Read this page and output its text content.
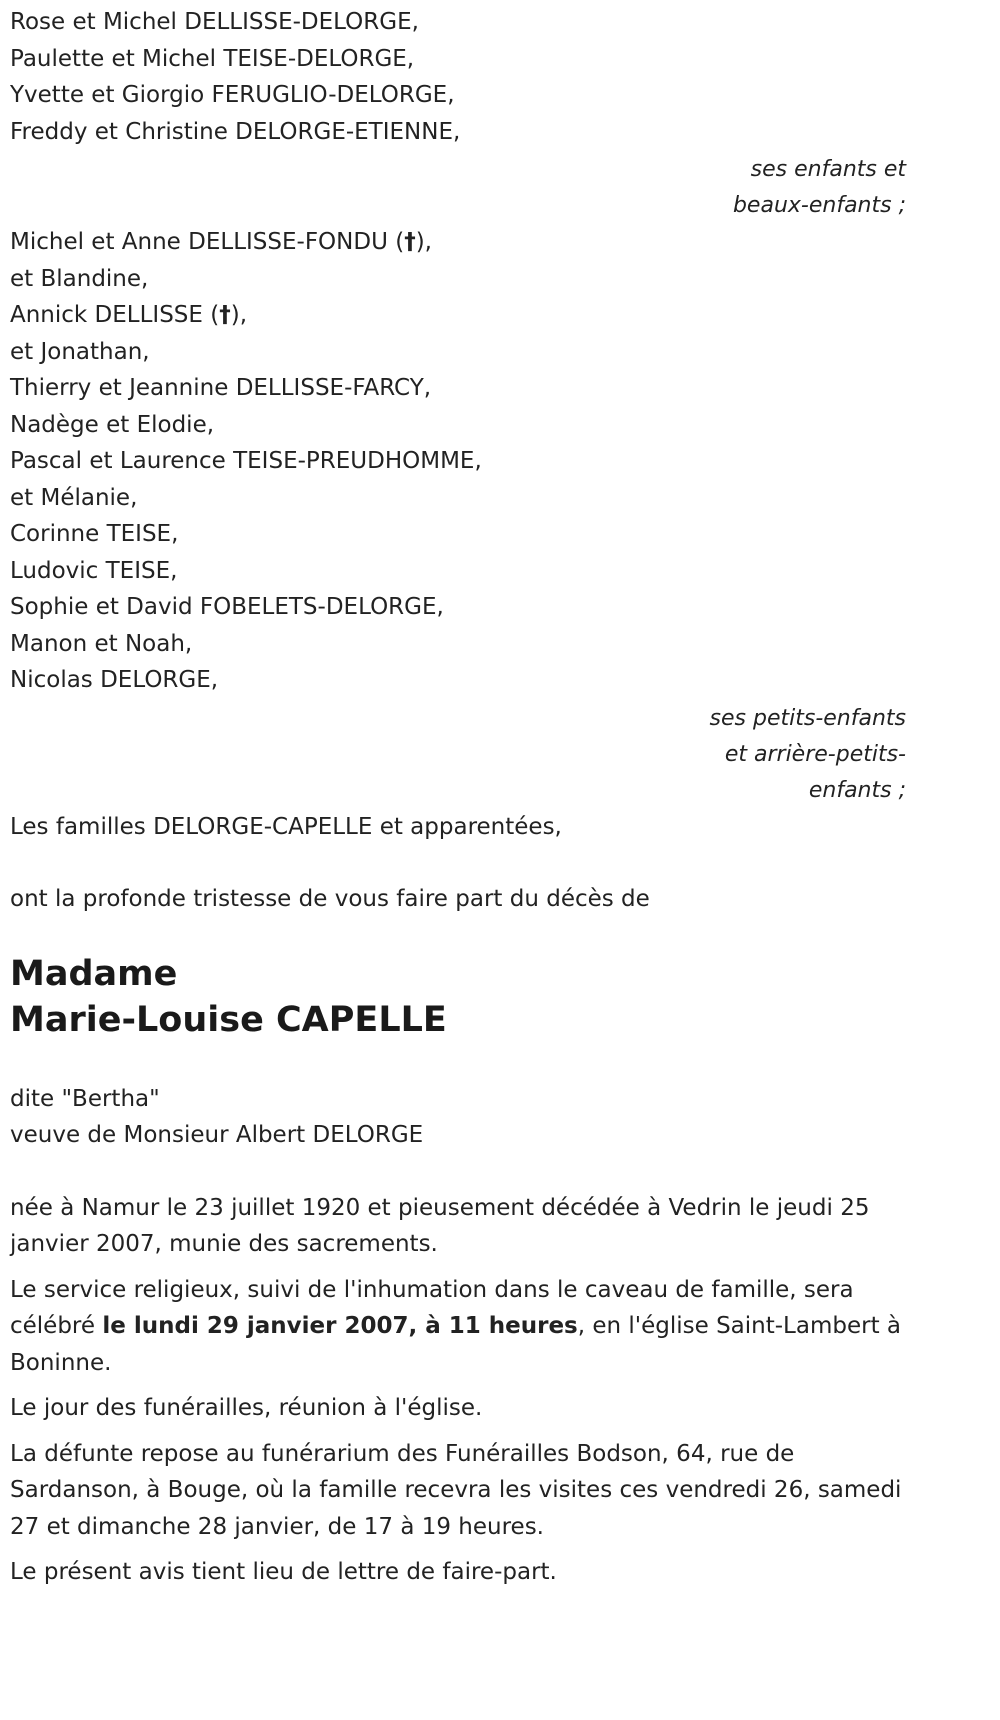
Rose et Michel DELLISSE-DELORGE,
Paulette et Michel TEISE-DELORGE,
Yvette et Giorgio FERUGLIO-DELORGE,
Freddy et Christine DELORGE-ETIENNE,
ses enfants et
beaux-enfants ;
Michel et Anne DELLISSE-FONDU (†),
et Blandine,
Annick DELLISSE (†),
et Jonathan,
Thierry et Jeannine DELLISSE-FARCY,
Nadège et Elodie,
Pascal et Laurence TEISE-PREUDHOMME,
et Mélanie,
Corinne TEISE,
Ludovic TEISE,
Sophie et David FOBELETS-DELORGE,
Manon et Noah,
Nicolas DELORGE,
ses petits-enfants
et arrière-petits-
enfants ;
Les familles DELORGE-CAPELLE et apparentées,
ont la profonde tristesse de vous faire part du décès de
Madame
Marie-Louise CAPELLE
dite "Bertha"
veuve de Monsieur Albert DELORGE

née à Namur le 23 juillet 1920 et pieusement décédée à Vedrin le jeudi 25 janvier 2007, munie des sacrements.

Le service religieux, suivi de l'inhumation dans le caveau de famille, sera célébré le lundi 29 janvier 2007, à 11 heures, en l'église Saint-Lambert à Boninne.

Le jour des funérailles, réunion à l'église.

La défunte repose au funérarium des Funérailles Bodson, 64, rue de Sardanson, à Bouge, où la famille recevra les visites ces vendredi 26, samedi 27 et dimanche 28 janvier, de 17 à 19 heures.

Le présent avis tient lieu de lettre de faire-part.
